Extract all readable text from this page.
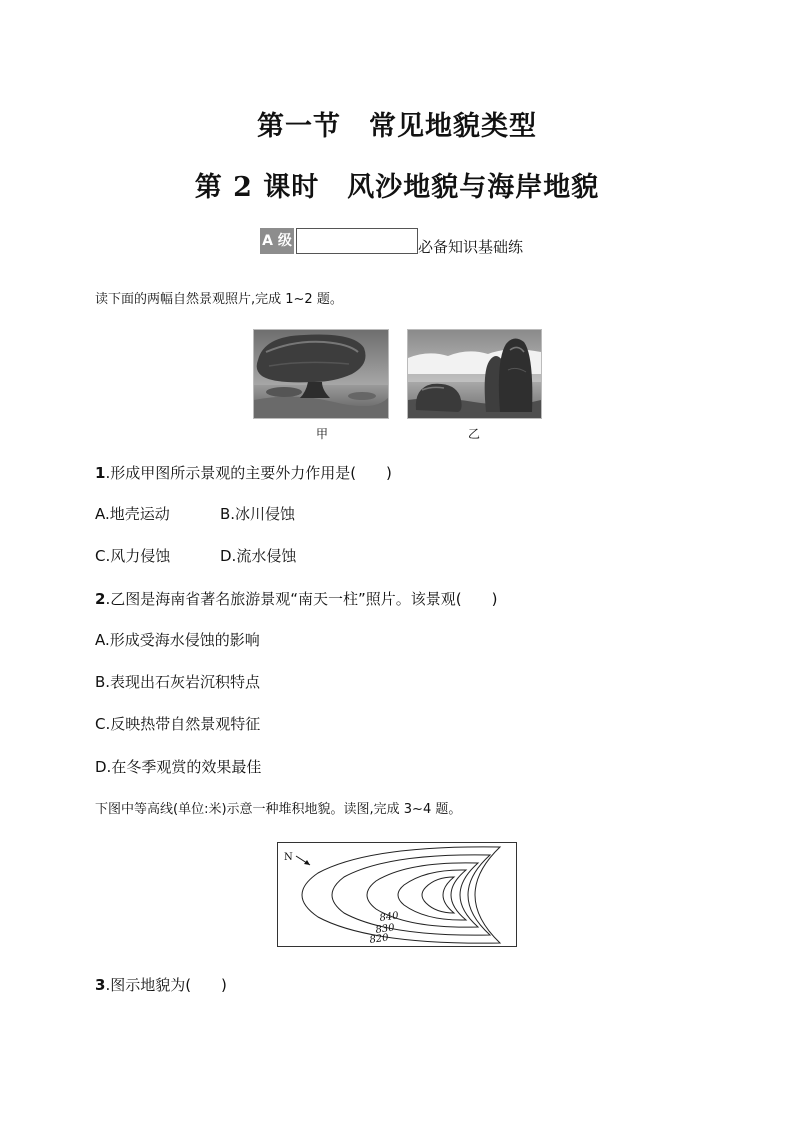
第一节　常见地貌类型
第 2 课时　风沙地貌与海岸地貌
A 级	必备知识基础练
读下面的两幅自然景观照片,完成 1~2 题。
甲	乙
1.形成甲图所示景观的主要外力作用是(　　)
A.地壳运动	B.冰川侵蚀
C.风力侵蚀	D.流水侵蚀
2.乙图是海南省著名旅游景观“南天一柱”照片。该景观(　　)
A.形成受海水侵蚀的影响
B.表现出石灰岩沉积特点
C.反映热带自然景观特征
D.在冬季观赏的效果最佳
下图中等高线(单位:米)示意一种堆积地貌。读图,完成 3~4 题。
N
840
830
820
3.图示地貌为(　　)
